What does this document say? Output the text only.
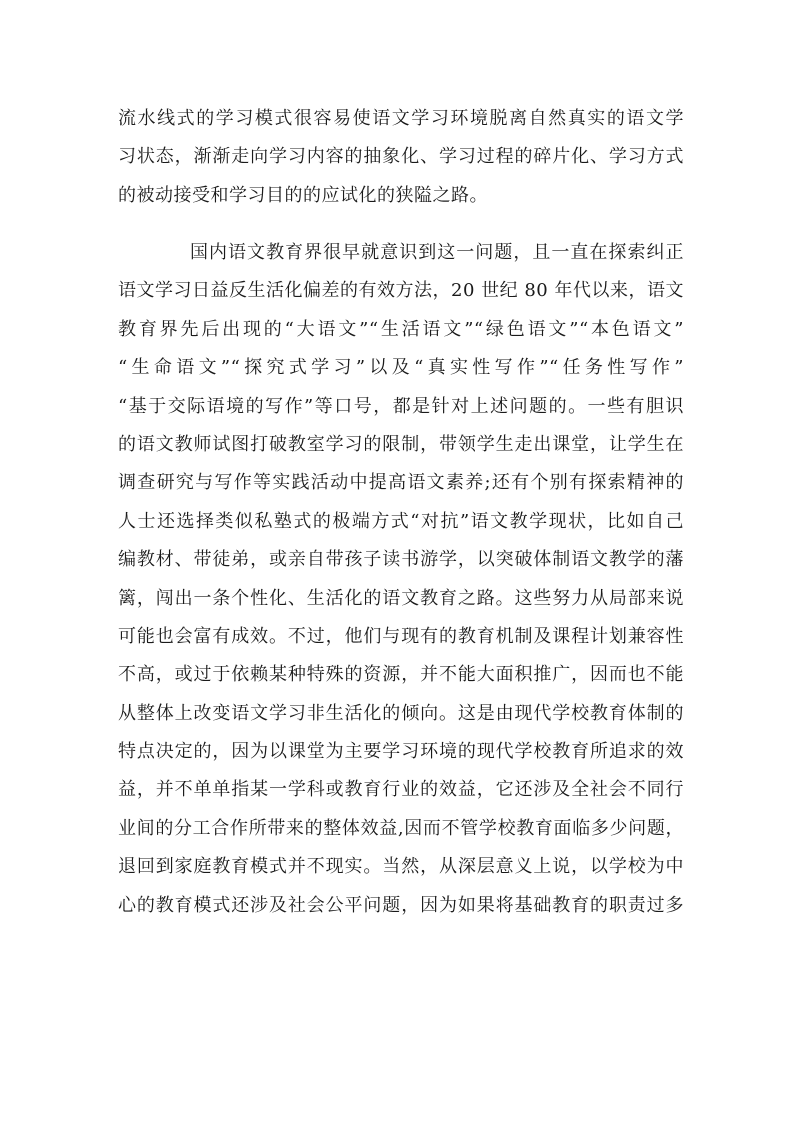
流水线式的学习模式很容易使语文学习环境脱离自然真实的语文学
习状态，渐渐走向学习内容的抽象化、学习过程的碎片化、学习方式
的被动接受和学习目的的应试化的狭隘之路。
国内语文教育界很早就意识到这一问题，且一直在探索纠正
语文学习日益反生活化偏差的有效方法，20 世纪 80 年代以来，语文
教育界先后出现的“大语文”“生活语文”“绿色语文”“本色语文”
“生命语文”“探究式学习”以及“真实性写作”“任务性写作”
“基于交际语境的写作”等口号，都是针对上述问题的。一些有胆识
的语文教师试图打破教室学习的限制，带领学生走出课堂，让学生在
调查研究与写作等实践活动中提高语文素养;还有个别有探索精神的
人士还选择类似私塾式的极端方式“对抗”语文教学现状，比如自己
编教材、带徒弟，或亲自带孩子读书游学，以突破体制语文教学的藩
篱，闯出一条个性化、生活化的语文教育之路。这些努力从局部来说
可能也会富有成效。不过，他们与现有的教育机制及课程计划兼容性
不高，或过于依赖某种特殊的资源，并不能大面积推广，因而也不能
从整体上改变语文学习非生活化的倾向。这是由现代学校教育体制的
特点决定的，因为以课堂为主要学习环境的现代学校教育所追求的效
益，并不单单指某一学科或教育行业的效益，它还涉及全社会不同行
业间的分工合作所带来的整体效益,因而不管学校教育面临多少问题，
退回到家庭教育模式并不现实。当然，从深层意义上说，以学校为中
心的教育模式还涉及社会公平问题，因为如果将基础教育的职责过多
